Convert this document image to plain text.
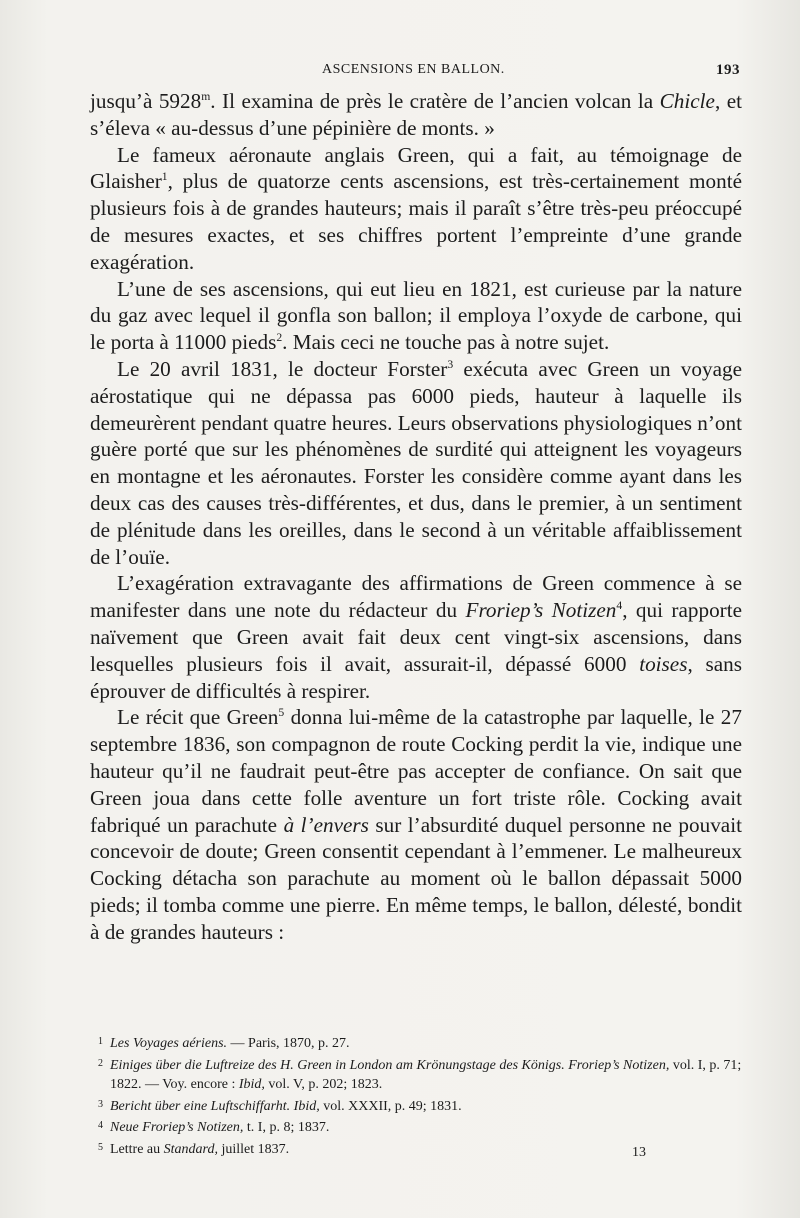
ASCENSIONS EN BALLON.	193

jusqu’à 5928$^m$. Il examina de près le cratère de l’ancien volcan la Chicle, et s’éleva « au-dessus d’une pépinière de monts. »

Le fameux aéronaute anglais Green, qui a fait, au témoignage de Glaisher$^1$, plus de quatorze cents ascensions, est très-certainement monté plusieurs fois à de grandes hauteurs; mais il paraît s’être très-peu préoccupé de mesures exactes, et ses chiffres portent l’empreinte d’une grande exagération.

L’une de ses ascensions, qui eut lieu en 1821, est curieuse par la nature du gaz avec lequel il gonfla son ballon; il employa l’oxyde de carbone, qui le porta à 11000 pieds$^2$. Mais ceci ne touche pas à notre sujet.

Le 20 avril 1831, le docteur Forster$^3$ exécuta avec Green un voyage aérostatique qui ne dépassa pas 6000 pieds, hauteur à laquelle ils demeurèrent pendant quatre heures. Leurs observations physiologiques n’ont guère porté que sur les phénomènes de surdité qui atteignent les voyageurs en montagne et les aéronautes. Forster les considère comme ayant dans les deux cas des causes très-différentes, et dus, dans le premier, à un sentiment de plénitude dans les oreilles, dans le second à un véritable affaiblissement de l’ouïe.

L’exagération extravagante des affirmations de Green commence à se manifester dans une note du rédacteur du Froriep’s Notizen$^4$, qui rapporte naïvement que Green avait fait deux cent vingt-six ascensions, dans lesquelles plusieurs fois il avait, assurait-il, dépassé 6000 toises, sans éprouver de difficultés à respirer.

Le récit que Green$^5$ donna lui-même de la catastrophe par laquelle, le 27 septembre 1836, son compagnon de route Cocking perdit la vie, indique une hauteur qu’il ne faudrait peut-être pas accepter de confiance. On sait que Green joua dans cette folle aventure un fort triste rôle. Cocking avait fabriqué un parachute à l’envers sur l’absurdité duquel personne ne pouvait concevoir de doute; Green consentit cependant à l’emmener. Le malheureux Cocking détacha son parachute au moment où le ballon dépassait 5000 pieds; il tomba comme une pierre. En même temps, le ballon, délesté, bondit à de grandes hauteurs :

1 Les Voyages aériens. — Paris, 1870, p. 27.

2 Einiges über die Luftreize des H. Green in London am Krönungstage des Königs. Froriep’s Notizen, vol. I, p. 71; 1822. — Voy. encore : Ibid, vol. V, p. 202; 1823.

3 Bericht über eine Luftschiffarht. Ibid, vol. XXXII, p. 49; 1831.

4 Neue Froriep’s Notizen, t. I, p. 8; 1837.

5 Lettre au Standard, juillet 1837.	13
